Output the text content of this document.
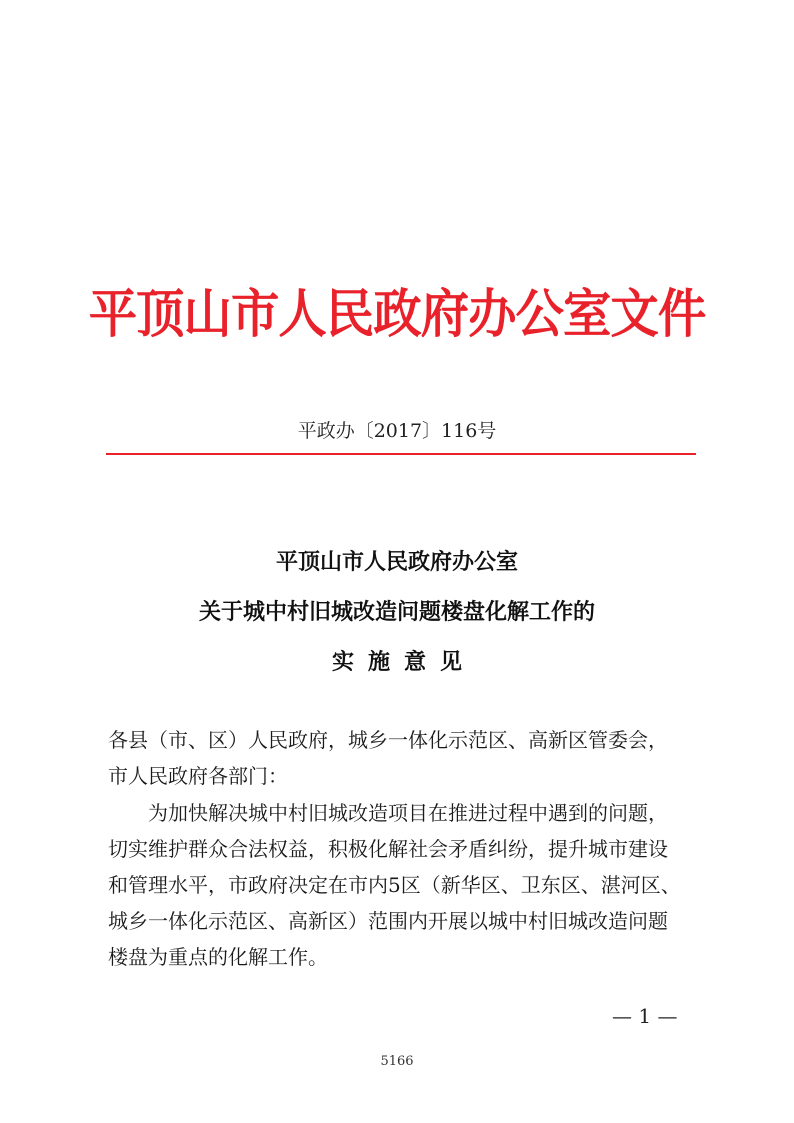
平顶山市人民政府办公室文件
平政办〔2017〕116号
平顶山市人民政府办公室
关于城中村旧城改造问题楼盘化解工作的
实施意见
各县（市、区）人民政府，城乡一体化示范区、高新区管委会，
市人民政府各部门：
为加快解决城中村旧城改造项目在推进过程中遇到的问题，
切实维护群众合法权益，积极化解社会矛盾纠纷，提升城市建设
和管理水平，市政府决定在市内5区（新华区、卫东区、湛河区、
城乡一体化示范区、高新区）范围内开展以城中村旧城改造问题
楼盘为重点的化解工作。
— 1 —
5166
